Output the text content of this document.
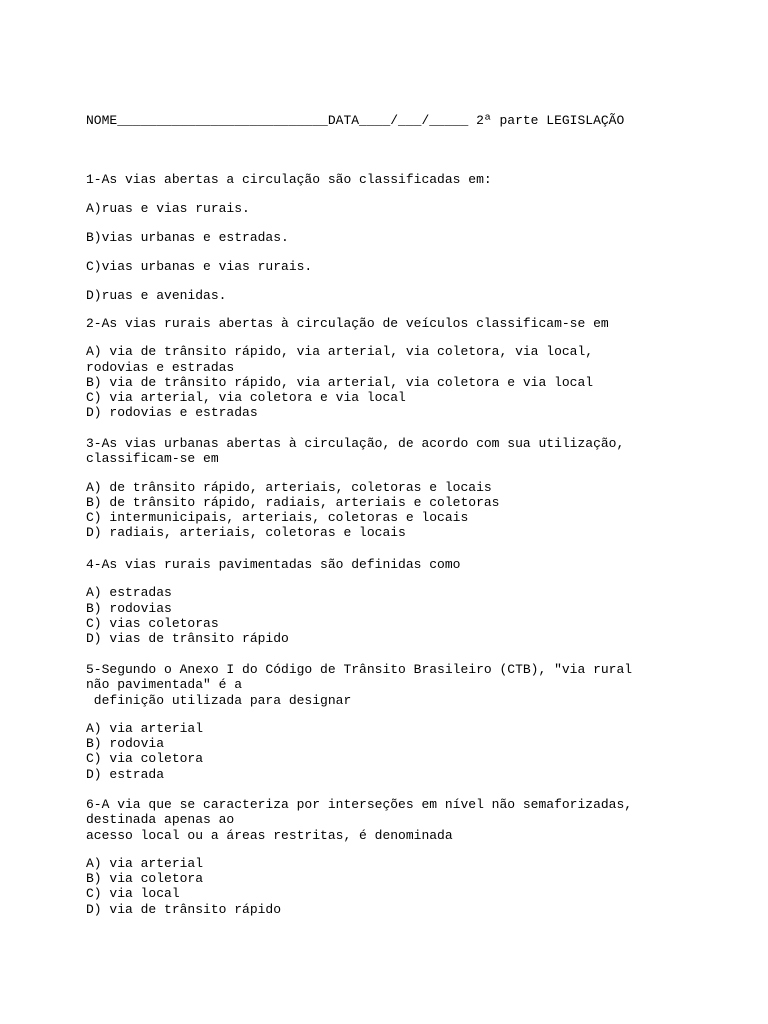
NOME___________________________DATA____/___/_____ 2ª parte LEGISLAÇÃO
1-As vias abertas a circulação são classificadas em:
A)ruas e vias rurais.
B)vias urbanas e estradas.
C)vias urbanas e vias rurais.
D)ruas e avenidas.
2-As vias rurais abertas à circulação de veículos classificam-se em
A) via de trânsito rápido, via arterial, via coletora, via local,
rodovias e estradas
B) via de trânsito rápido, via arterial, via coletora e via local
C) via arterial, via coletora e via local
D) rodovias e estradas
3-As vias urbanas abertas à circulação, de acordo com sua utilização,
classificam-se em
A) de trânsito rápido, arteriais, coletoras e locais
B) de trânsito rápido, radiais, arteriais e coletoras
C) intermunicipais, arteriais, coletoras e locais
D) radiais, arteriais, coletoras e locais
4-As vias rurais pavimentadas são definidas como
A) estradas
B) rodovias
C) vias coletoras
D) vias de trânsito rápido
5-Segundo o Anexo I do Código de Trânsito Brasileiro (CTB), "via rural
não pavimentada" é a
definição utilizada para designar
A) via arterial
B) rodovia
C) via coletora
D) estrada
6-A via que se caracteriza por interseções em nível não semaforizadas,
destinada apenas ao
acesso local ou a áreas restritas, é denominada
A) via arterial
B) via coletora
C) via local
D) via de trânsito rápido
